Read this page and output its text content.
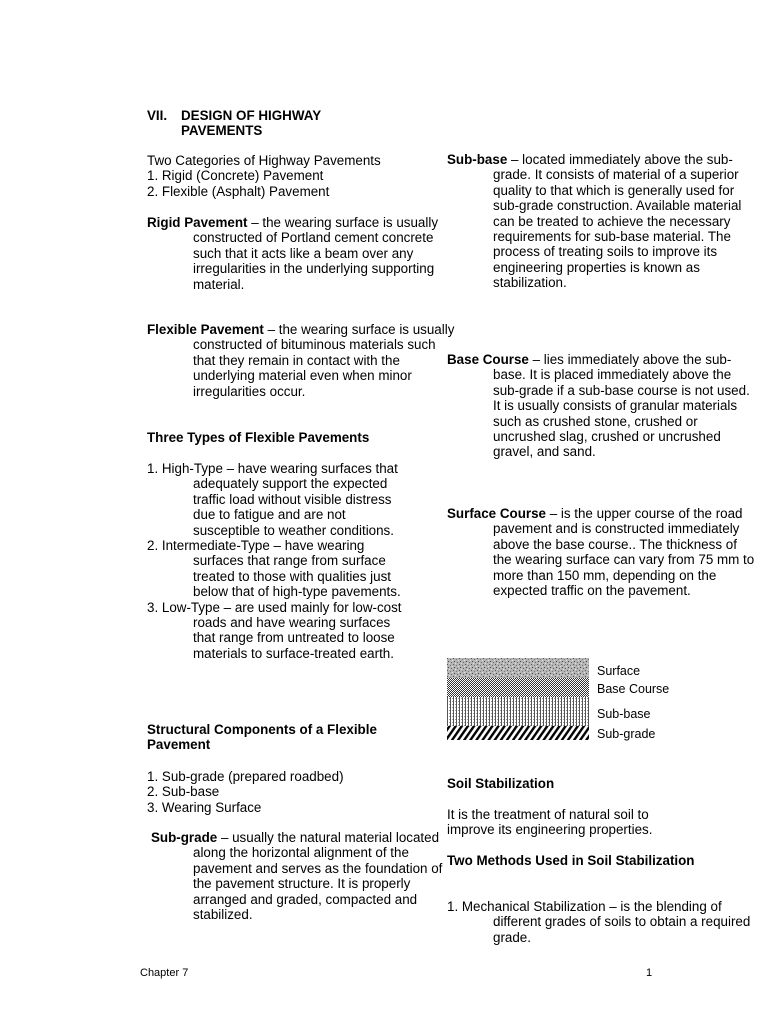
VII. DESIGN OF HIGHWAY
PAVEMENTS

Two Categories of Highway Pavements

1. Rigid (Concrete) Pavement

2. Flexible (Asphalt) Pavement

Rigid Pavement – the wearing surface is usually constructed of Portland cement concrete such that it acts like a beam over any irregularities in the underlying supporting material.
Flexible Pavement – the wearing surface is usually constructed of bituminous materials such that they remain in contact with the underlying material even when minor irregularities occur.
Three Types of Flexible Pavements

1. High-Type – have wearing surfaces that adequately support the expected traffic load without visible distress due to fatigue and are not susceptible to weather conditions.

2. Intermediate-Type – have wearing surfaces that range from surface treated to those with qualities just below that of high-type pavements.

3. Low-Type – are used mainly for low-cost roads and have wearing surfaces that range from untreated to loose materials to surface-treated earth.

Structural Components of a Flexible Pavement

1. Sub-grade (prepared roadbed)

2. Sub-base

3. Wearing Surface

Sub-grade – usually the natural material located along the horizontal alignment of the pavement and serves as the foundation of the pavement structure. It is properly arranged and graded, compacted and stabilized.
Sub-base – located immediately above the sub-grade. It consists of material of a superior quality to that which is generally used for sub-grade construction. Available material can be treated to achieve the necessary requirements for sub-base material. The process of treating soils to improve its engineering properties is known as stabilization.
Base Course – lies immediately above the sub-base. It is placed immediately above the sub-grade if a sub-base course is not used. It is usually consists of granular materials such as crushed stone, crushed or uncrushed slag, crushed or uncrushed gravel, and sand.
Surface Course – is the upper course of the road pavement and is constructed immediately above the base course.. The thickness of the wearing surface can vary from 75 mm to more than 150 mm, depending on the expected traffic on the pavement.
Surface
Base Course
Sub-base
Sub-grade
Soil Stabilization
It is the treatment of natural soil to improve its engineering properties.
Two Methods Used in Soil Stabilization
1. Mechanical Stabilization – is the blending of different grades of soils to obtain a required grade.
Chapter 7	1
